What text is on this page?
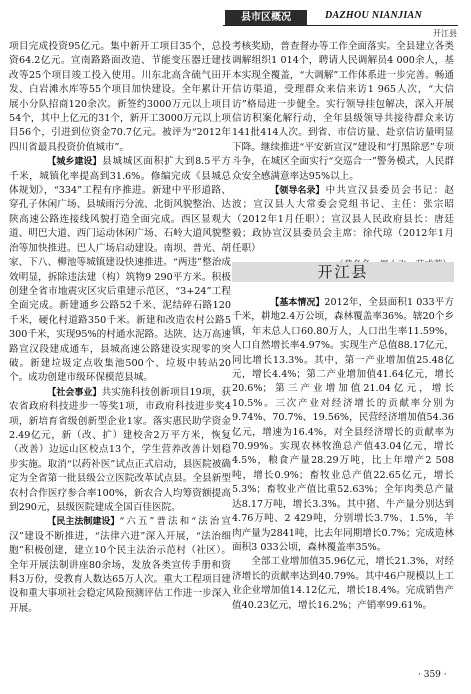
县市区概况	DAZHOU NIANJIAN
开江县

项目完成投资95亿元。集中新开工项目35个，总投资64.2亿元。宣南路路面改造、节能变压器迁建技改等25个项目竣工投入使用。川东北高含硫气田开发、白岩滩水库等55个项目加快建设。全年累计开展小分队招商120余次。新签约3000万元以上项目54个，其中上亿元的31个，新开工3000万元以上项目56个，引进到位资金70.7亿元。被评为“2012年四川省最具投资价值城市”。

【城乡建设】县城城区面积扩大到8.5平方千米，城镇化率提高到31.6%。修编完成《县城总体规划》，“334”工程有序推进。新建中平形道路、穿孔子休闲广场、县城雨污分流、北街风貌整治、达陕高速公路连接线风貌打造全面完成。西区显观大道、明巴大道、西门运动休闲广场、石岭大道风貌整治等加快推进。巴人广场启动建设。南坝、普光、胡家、下八、柳池等城镇建设快速推进。“两违”整治成效明显，拆除违法建（构）筑物9 290平方米。积极创建全省市地震灾区灾后重建示范区，“3+24”工程全面完成。新建通乡公路52千米、泥结碎石路120千米，硬化村道路350千米。新建和改造农村公路5 300千米，实现95%的村通水泥路。达陕、达万高速路宣汉段建成通车，县城高速公路建设实现零的突破。新建垃圾定点收集池500个、垃圾中转站20个。成功创建市级环保模范县城。

【社会事业】共实施科技创新项目19项，获农省政府科技进步一等奖1项，市政府科技进步奖4项，新培育省级创新型企业1家。落实惠民助学资金2.49亿元，新（改、扩）建校舍2万平方米，恢复（改善）边远山区校点13个，学生营养改善计划稳步实施。取消“以药补医”试点正式启动，县医院被确定为全省第一批县级公立医院改革试点县。全县新型农村合作医疗参合率100%，新农合人均筹资额提高到290元，县级医院建成全国百佳医院。

【民主法制建设】“六五”普法和“法治宣汉”建设不断推进，“法律六进”深入开展，“法治细胞”积极创建，建立10个民主法治示范村（社区）。全年开展法制讲座80余场，发放各类宣传手册和资料3万份，受教育人数达65万人次。重大工程项目建设和重大事项社会稳定风险预测评估工作进一步深入开展。

考核奖励，普查督办等工作全面落实。全县建立各类调解组织1 014个，聘请人民调解员4 000余人，基本实现全覆盖，“大调解”工作体系进一步完善。畅通信访渠道，受理群众来信来访1 965人次，“大信访”格局进一步健全。实行领导挂包解决，深入开展信访积案化解行动，全年县级领导共接待群众来访141批414人次。到省、市信访量、赴京信访量明显下降。继续推进“平安新宣汉”建设和“打黑除恶”专项斗争，在城区全面实行“交巡合一”警务模式，人民群众安全感满意率达95%以上。

【领导名录】中共宣汉县委员会书记：赵波；宣汉县人大常委会党组书记、主任：张宗昭（2012年1月任职）；宣汉县人民政府县长：唐廷毅；政协宣汉县委员会主席：徐代琼（2012年1月任职）

开江县

【基本情况】2012年，全县面积1 033平方千米，耕地2.4万公顷，森林覆盖率36%。辖20个乡镇，年末总人口60.80万人，人口出生率11.59%，人口自然增长率4.97%。实现生产总值88.17亿元，同比增长13.3%。其中，第一产业增加值25.48亿元，增长4.4%；第二产业增加值41.64亿元，增长20.6%；第三产业增加值21.04亿元，增长10.5%。三次产业对经济增长的贡献率分别为9.74%、70.7%、19.56%，民营经济增加值54.36亿元，增速为16.4%，对全县经济增长的贡献率为70.99%。实现农林牧渔总产值43.04亿元，增长4.5%，粮食产量28.29万吨，比上年增产2 508吨，增长0.9%；畜牧业总产值22.65亿元，增长5.3%；畜牧业产值比重52.63%；全年肉类总产量达8.17万吨，增长3.3%。其中猪、牛产量分别达到4.76万吨、2 429吨，分别增长3.7%、1.5%，羊肉产量为2841吨，比去年同期增长0.7%；完成造林面积3 033公顷，森林覆盖率35%。

全部工业增加值35.96亿元，增长21.3%，对经济增长的贡献率达到40.79%。其中46户规模以上工业企业增加值14.12亿元，增长18.4%。完成销售产值40.23亿元，增长16.2%；产销率99.61%。

· 359 ·
